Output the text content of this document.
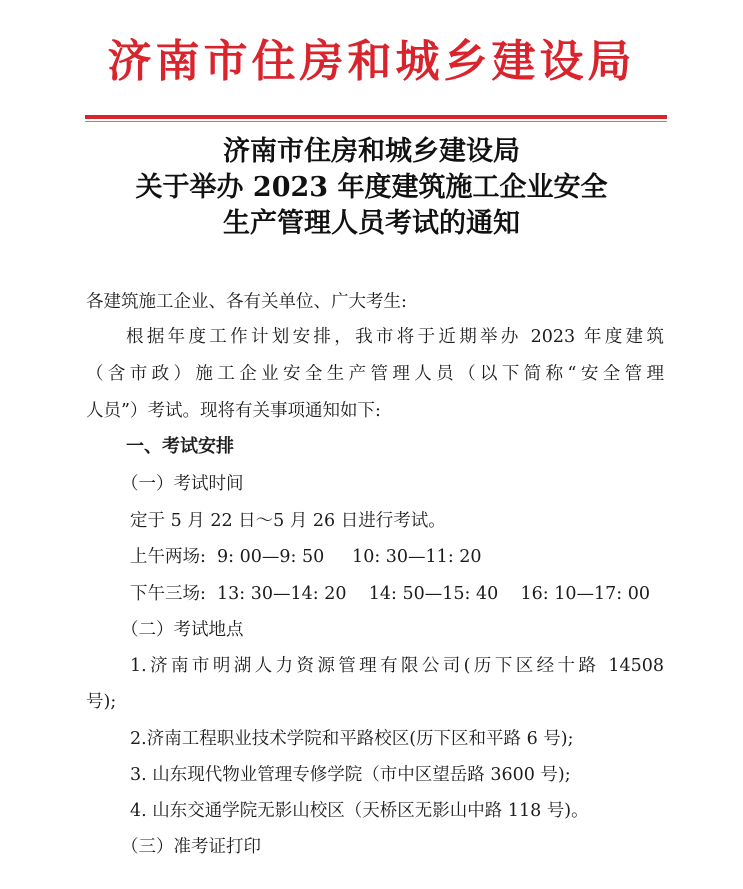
济南市住房和城乡建设局
济南市住房和城乡建设局
关于举办 2023 年度建筑施工企业安全
生产管理人员考试的通知
各建筑施工企业、各有关单位、广大考生:
根据年度工作计划安排，我市将于近期举办 2023 年度建筑
（含市政）施工企业安全生产管理人员（以下简称“安全管理
人员”）考试。现将有关事项通知如下:
一、考试安排
（一）考试时间
定于 5 月 22 日～5 月 26 日进行考试。
上午两场:  9: 00—9: 50     10: 30—11: 20
下午三场:  13: 30—14: 20    14: 50—15: 40    16: 10—17: 00
（二）考试地点
1.济南市明湖人力资源管理有限公司(历下区经十路 14508
号);
2.济南工程职业技术学院和平路校区(历下区和平路 6 号);
3. 山东现代物业管理专修学院（市中区望岳路 3600 号);
4. 山东交通学院无影山校区（天桥区无影山中路 118 号)。
（三）准考证打印
